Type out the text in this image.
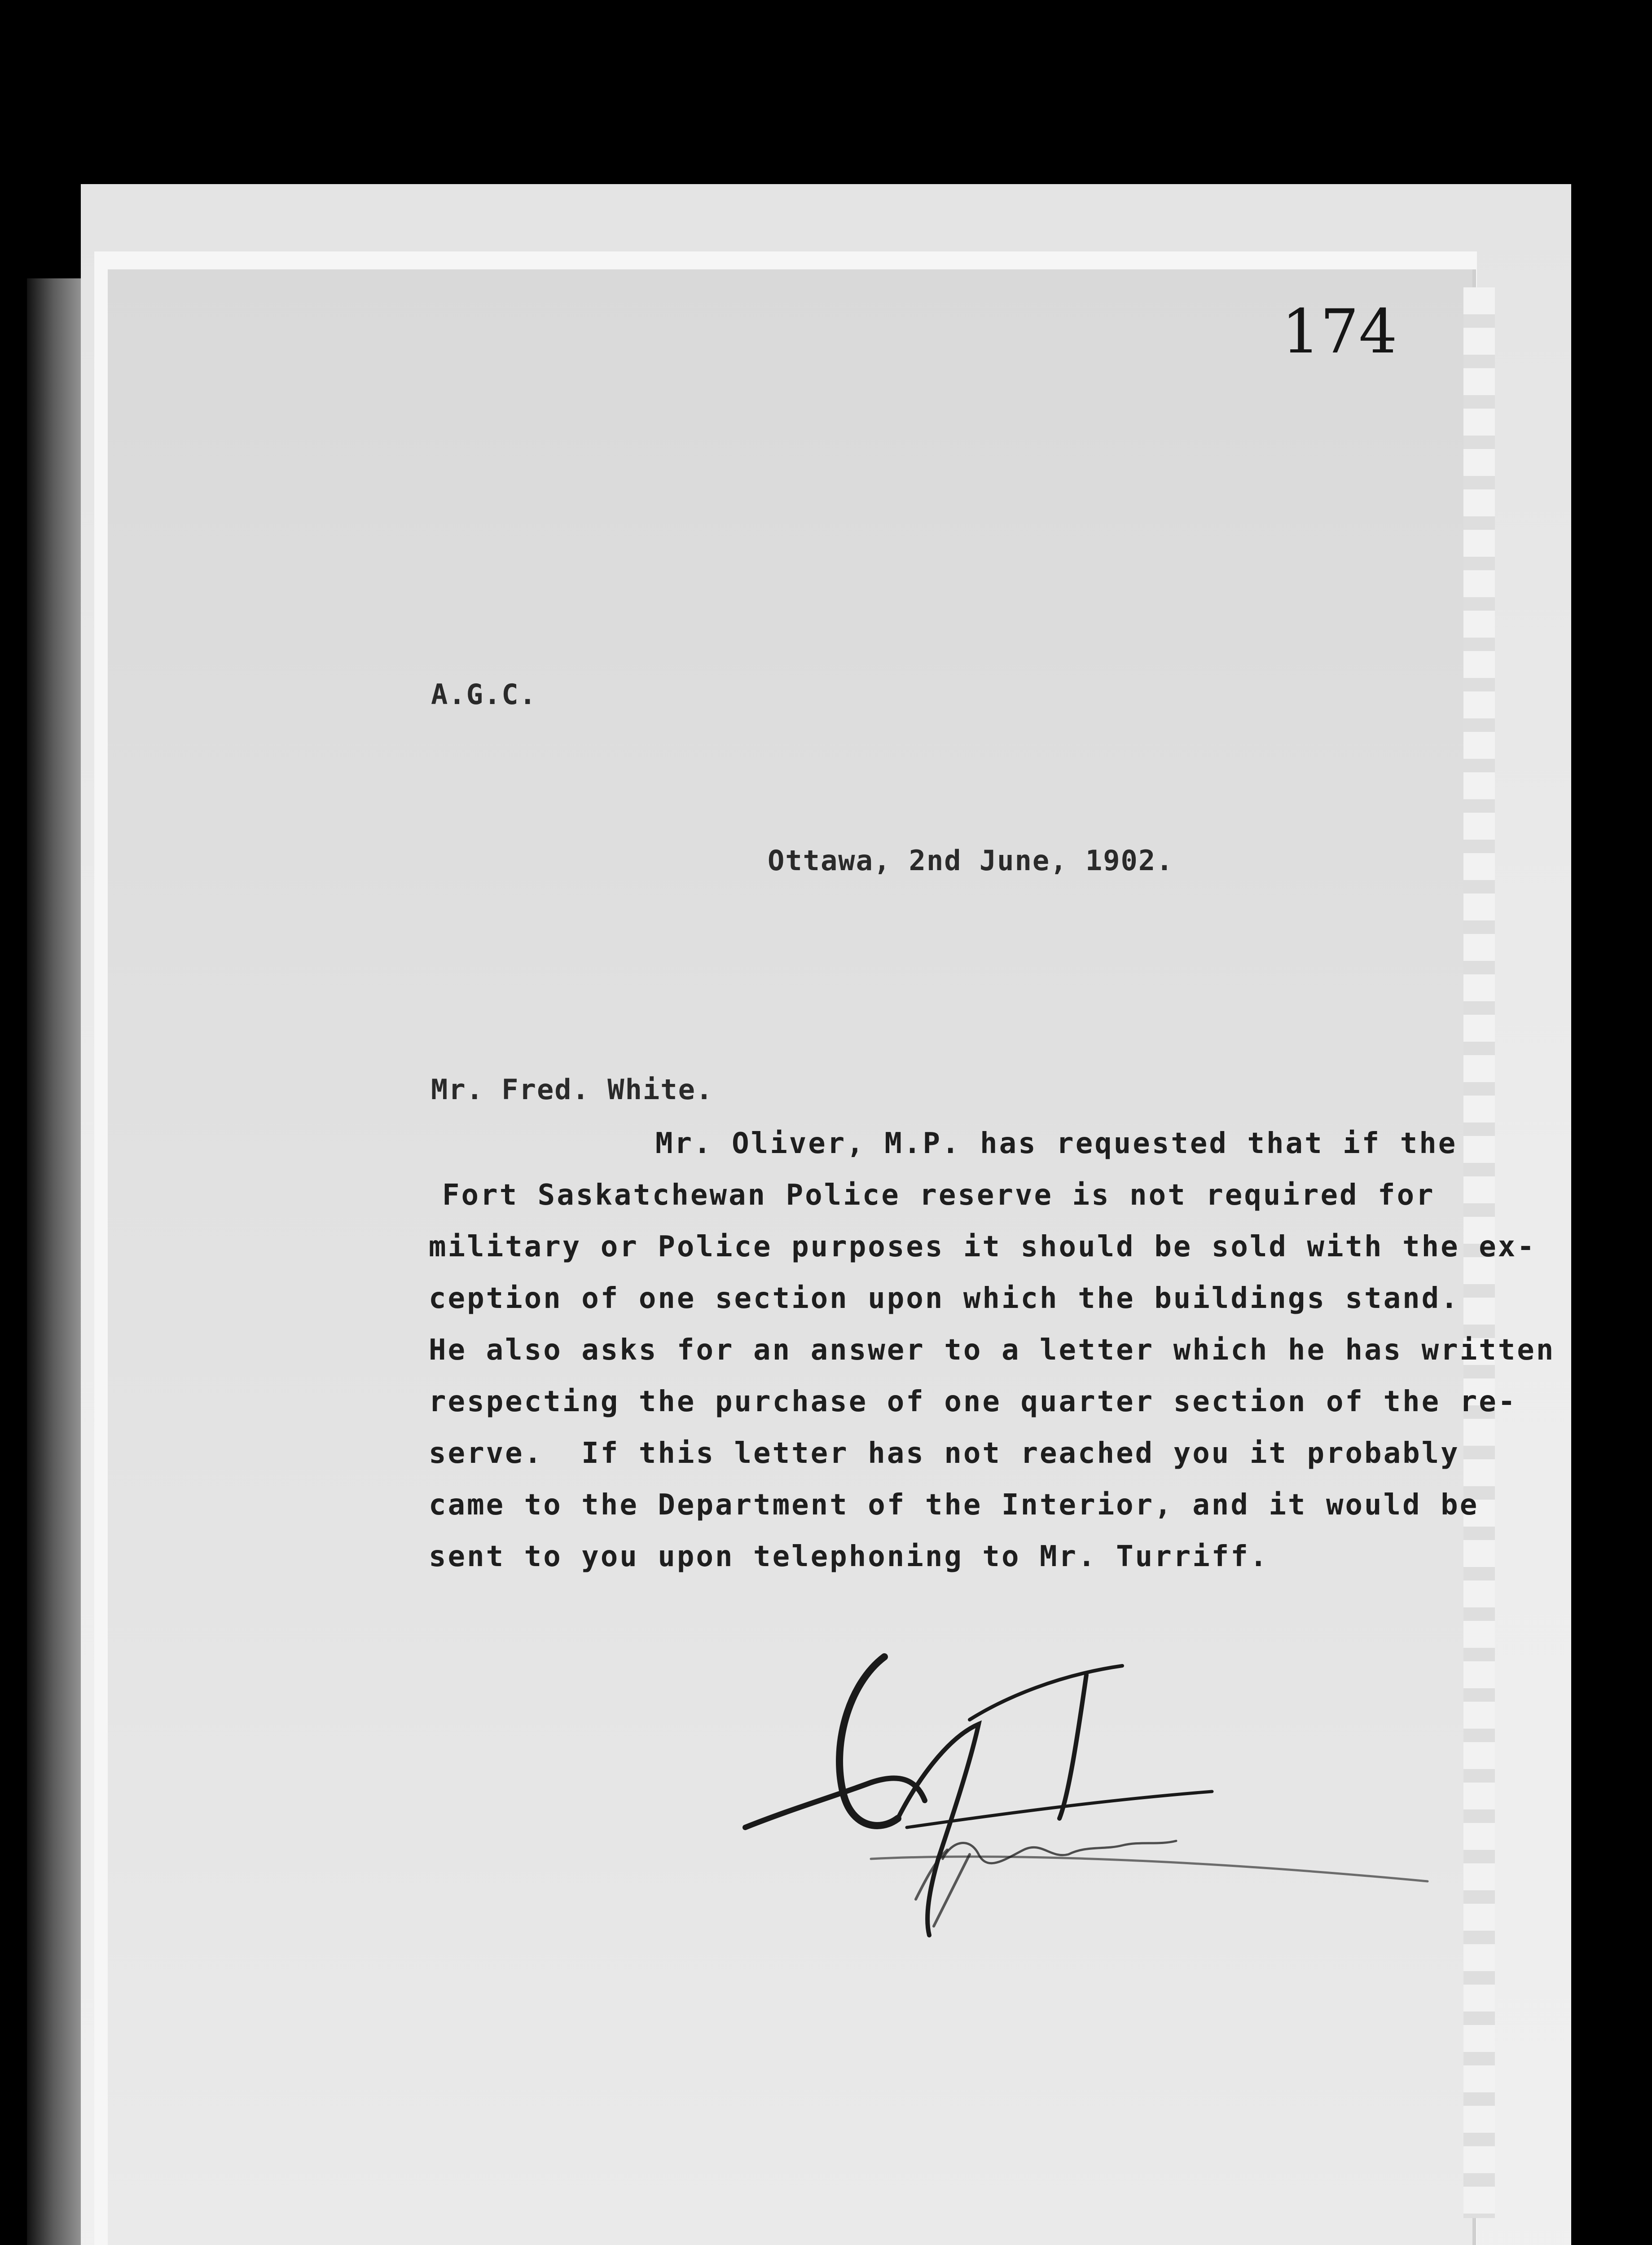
174
A.G.C.
Ottawa, 2nd June, 1902.
Mr. Fred. White.
Mr. Oliver, M.P. has requested that if the
Fort Saskatchewan Police reserve is not required for
military or Police purposes it should be sold with the ex-
ception of one section upon which the buildings stand.
He also asks for an answer to a letter which he has written
respecting the purchase of one quarter section of the re-
serve.  If this letter has not reached you it probably
came to the Department of the Interior, and it would be
sent to you upon telephoning to Mr. Turriff.
